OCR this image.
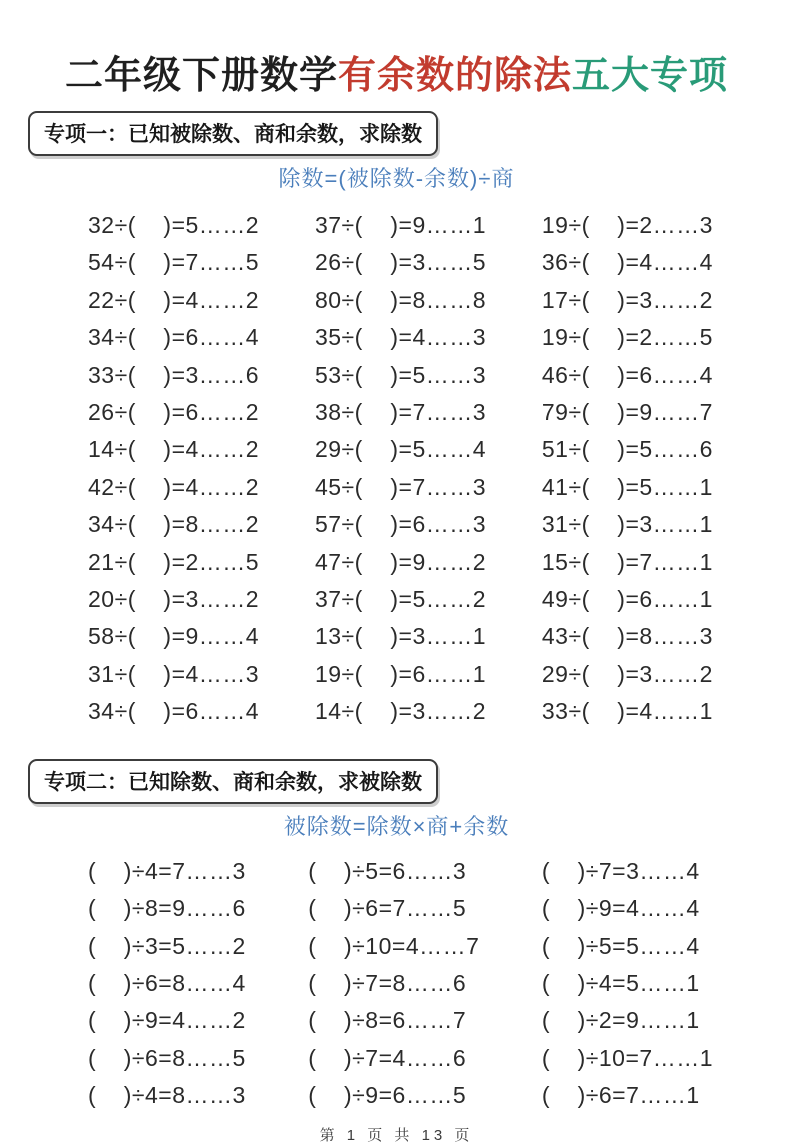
二年级下册数学有余数的除法五大专项
专项一：已知被除数、商和余数，求除数
除数=(被除数-余数)÷商
32÷(    )=5……2 37÷(    )=9……1 19÷(    )=2……3
54÷(    )=7……5 26÷(    )=3……5 36÷(    )=4……4
22÷(    )=4……2 80÷(    )=8……8 17÷(    )=3……2
34÷(    )=6……4 35÷(    )=4……3 19÷(    )=2……5
33÷(    )=3……6 53÷(    )=5……3 46÷(    )=6……4
26÷(    )=6……2 38÷(    )=7……3 79÷(    )=9……7
14÷(    )=4……2 29÷(    )=5……4 51÷(    )=5……6
42÷(    )=4……2 45÷(    )=7……3 41÷(    )=5……1
34÷(    )=8……2 57÷(    )=6……3 31÷(    )=3……1
21÷(    )=2……5 47÷(    )=9……2 15÷(    )=7……1
20÷(    )=3……2 37÷(    )=5……2 49÷(    )=6……1
58÷(    )=9……4 13÷(    )=3……1 43÷(    )=8……3
31÷(    )=4……3 19÷(    )=6……1 29÷(    )=3……2
34÷(    )=6……4 14÷(    )=3……2 33÷(    )=4……1
专项二：已知除数、商和余数，求被除数
被除数=除数×商+余数
(    )÷4=7……3	(    )÷5=6……3	(    )÷7=3……4
(    )÷8=9……6	(    )÷6=7……5	(    )÷9=4……4
(    )÷3=5……2	(    )÷10=4……7	(    )÷5=5……4
(    )÷6=8……4	(    )÷7=8……6	(    )÷4=5……1
(    )÷9=4……2	(    )÷8=6……7	(    )÷2=9……1
(    )÷6=8……5	(    )÷7=4……6	(    )÷10=7……1
(    )÷4=8……3	(    )÷9=6……5	(    )÷6=7……1
第 1 页 共 13 页
